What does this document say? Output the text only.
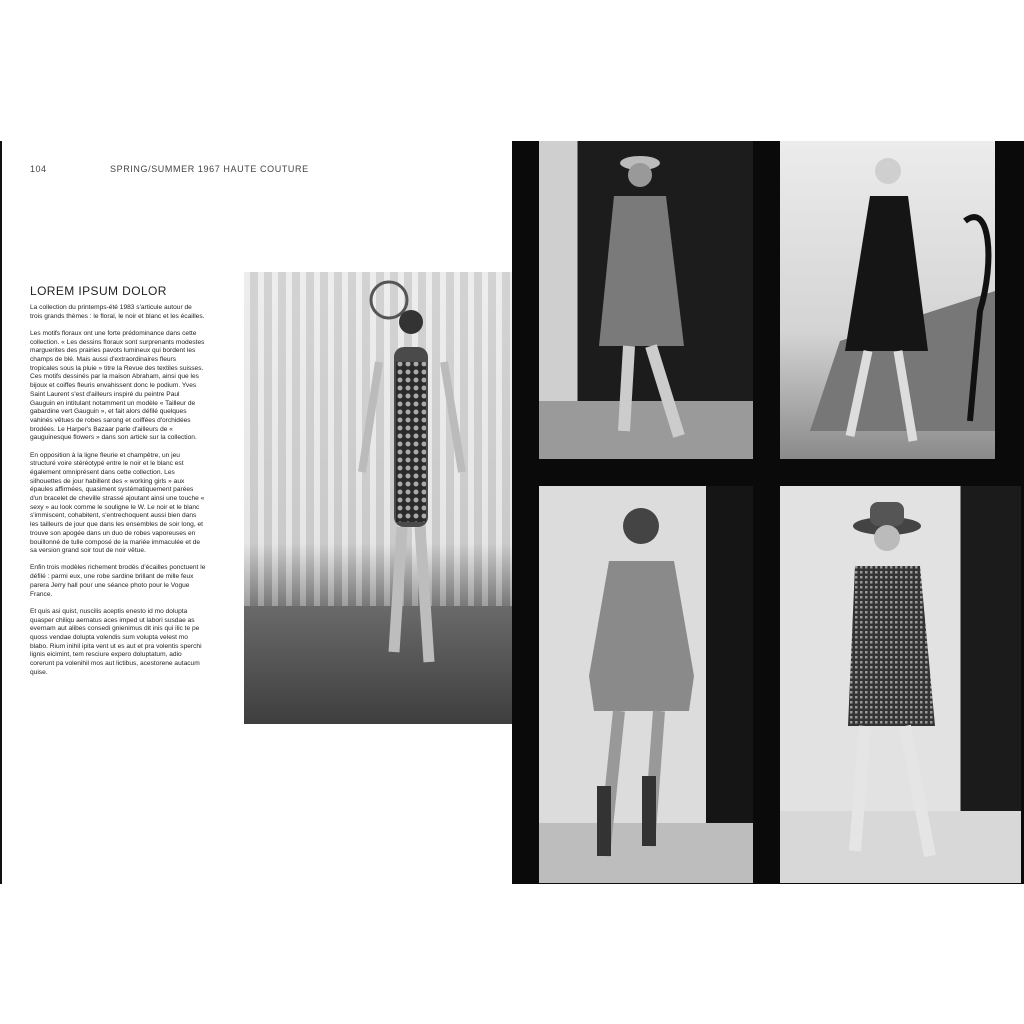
104	SPRING/SUMMER 1967 HAUTE COUTURE
LOREM IPSUM DOLOR

La collection du printemps-été 1983 s'articule autour de trois grands thèmes : le floral, le noir et blanc et les écailles.

Les motifs floraux ont une forte prédominance dans cette collection. « Les dessins floraux sont surprenants modestes marguerites des prairies pavots lumineux qui bordent les champs de blé. Mais aussi d'extraordinaires fleurs tropicales sous la pluie » titre la Revue des textiles suisses. Ces motifs dessinés par la maison Abraham, ainsi que les bijoux et coiffes fleuris envahissent donc le podium. Yves Saint Laurent s'est d'ailleurs inspiré du peintre Paul Gauguin en intitulant notamment un modèle « Tailleur de gabardine vert Gauguin », et fait alors défilé quelques vahinés vêtues de robes sarong et coiffées d'orchidées brodées. Le Harper's Bazaar parle d'ailleurs de « gauguinesque flowers » dans son article sur la collection.

En opposition à la ligne fleurie et champêtre, un jeu structuré voire stéréotypé entre le noir et le blanc est également omniprésent dans cette collection. Les silhouettes de jour habillent des « working girls » aux épaules affirmées, quasiment systématiquement parées d'un bracelet de cheville strassé ajoutant ainsi une touche « sexy » au look comme le souligne le W. Le noir et le blanc s'immiscent, cohabitent, s'entrechoquent aussi bien dans les tailleurs de jour que dans les ensembles de soir long, et trouve son apogée dans un duo de robes vaporeuses en bouillonné de tulle composé de la mariée immaculée et de sa version grand soir tout de noir vêtue.

Enfin trois modèles richement brodés d'écailles ponctuent le défilé : parmi eux, une robe sardine brillant de mille feux parera Jerry hall pour une séance photo pour le Vogue France.

Et quis asi quist, nuscilis aceptis enesto id mo dolupta quasper chiliqu aernatus aces imped ut labori susdae as evernam aut alibes consedi gnienimus dit inis qui ilic te pe quoss vendae dolupta volendis sum volupta velest mo blabo. Rium inihil ipita vent ut es aut et pra volentis sperchi lignis eicimint, tem resciure expero doluptatum, adio corerunt pa volenihil mos aut lictibus, acestorene autacum quise.
